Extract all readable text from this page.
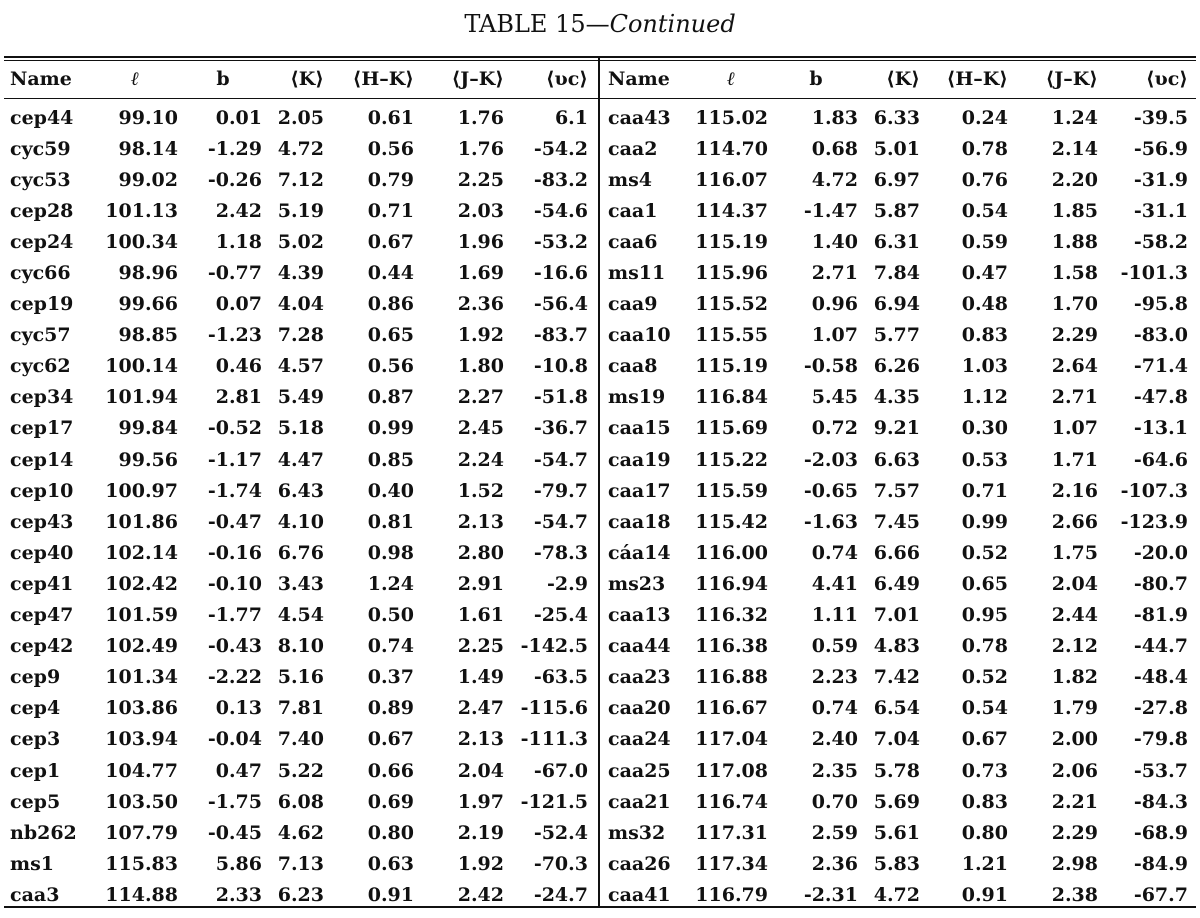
TABLE 15—Continued
Name	ℓ	b	⟨K⟩	⟨H–K⟩	⟨J–K⟩	⟨υc⟩

cep44	99.10	0.01	2.05	0.61	1.76	6.1
cyc59	98.14	-1.29	4.72	0.56	1.76	-54.2
cyc53	99.02	-0.26	7.12	0.79	2.25	-83.2
cep28	101.13	2.42	5.19	0.71	2.03	-54.6
cep24	100.34	1.18	5.02	0.67	1.96	-53.2
cyc66	98.96	-0.77	4.39	0.44	1.69	-16.6
cep19	99.66	0.07	4.04	0.86	2.36	-56.4
cyc57	98.85	-1.23	7.28	0.65	1.92	-83.7
cyc62	100.14	0.46	4.57	0.56	1.80	-10.8
cep34	101.94	2.81	5.49	0.87	2.27	-51.8
cep17	99.84	-0.52	5.18	0.99	2.45	-36.7
cep14	99.56	-1.17	4.47	0.85	2.24	-54.7
cep10	100.97	-1.74	6.43	0.40	1.52	-79.7
cep43	101.86	-0.47	4.10	0.81	2.13	-54.7
cep40	102.14	-0.16	6.76	0.98	2.80	-78.3
cep41	102.42	-0.10	3.43	1.24	2.91	-2.9
cep47	101.59	-1.77	4.54	0.50	1.61	-25.4
cep42	102.49	-0.43	8.10	0.74	2.25	-142.5
cep9	101.34	-2.22	5.16	0.37	1.49	-63.5
cep4	103.86	0.13	7.81	0.89	2.47	-115.6
cep3	103.94	-0.04	7.40	0.67	2.13	-111.3
cep1	104.77	0.47	5.22	0.66	2.04	-67.0
cep5	103.50	-1.75	6.08	0.69	1.97	-121.5
nb262	107.79	-0.45	4.62	0.80	2.19	-52.4
ms1	115.83	5.86	7.13	0.63	1.92	-70.3
caa3	114.88	2.33	6.23	0.91	2.42	-24.7
Name	ℓ	b	⟨K⟩	⟨H–K⟩	⟨J–K⟩	⟨υc⟩

caa43	115.02	1.83	6.33	0.24	1.24	-39.5
caa2	114.70	0.68	5.01	0.78	2.14	-56.9
ms4	116.07	4.72	6.97	0.76	2.20	-31.9
caa1	114.37	-1.47	5.87	0.54	1.85	-31.1
caa6	115.19	1.40	6.31	0.59	1.88	-58.2
ms11	115.96	2.71	7.84	0.47	1.58	-101.3
caa9	115.52	0.96	6.94	0.48	1.70	-95.8
caa10	115.55	1.07	5.77	0.83	2.29	-83.0
caa8	115.19	-0.58	6.26	1.03	2.64	-71.4
ms19	116.84	5.45	4.35	1.12	2.71	-47.8
caa15	115.69	0.72	9.21	0.30	1.07	-13.1
caa19	115.22	-2.03	6.63	0.53	1.71	-64.6
caa17	115.59	-0.65	7.57	0.71	2.16	-107.3
caa18	115.42	-1.63	7.45	0.99	2.66	-123.9
cáa14	116.00	0.74	6.66	0.52	1.75	-20.0
ms23	116.94	4.41	6.49	0.65	2.04	-80.7
caa13	116.32	1.11	7.01	0.95	2.44	-81.9
caa44	116.38	0.59	4.83	0.78	2.12	-44.7
caa23	116.88	2.23	7.42	0.52	1.82	-48.4
caa20	116.67	0.74	6.54	0.54	1.79	-27.8
caa24	117.04	2.40	7.04	0.67	2.00	-79.8
caa25	117.08	2.35	5.78	0.73	2.06	-53.7
caa21	116.74	0.70	5.69	0.83	2.21	-84.3
ms32	117.31	2.59	5.61	0.80	2.29	-68.9
caa26	117.34	2.36	5.83	1.21	2.98	-84.9
caa41	116.79	-2.31	4.72	0.91	2.38	-67.7
